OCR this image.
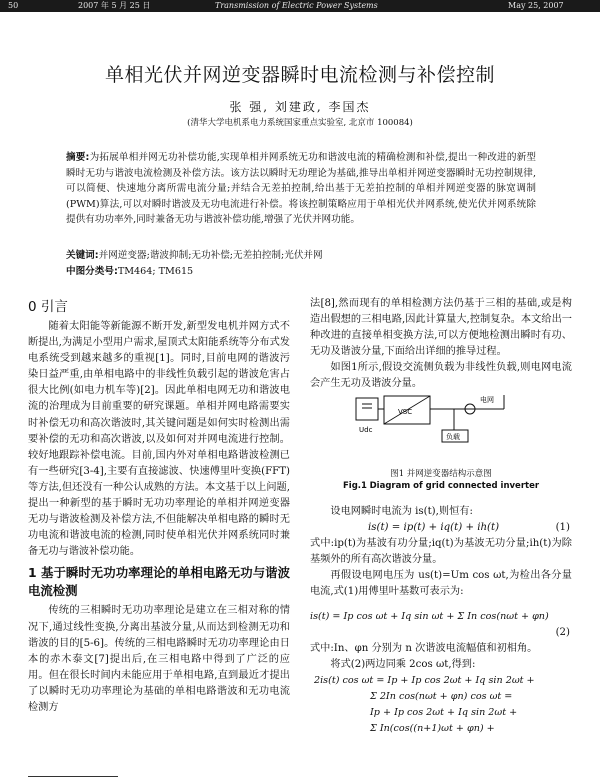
50	2007 年 5 月 25 日	Transmission of Electric Power Systems	May 25, 2007
单相光伏并网逆变器瞬时电流检测与补偿控制
张 强, 刘建政, 李国杰
(清华大学电机系电力系统国家重点实验室, 北京市 100084)
摘要:为拓展单相并网无功补偿功能,实现单相并网系统无功和谐波电流的精确检测和补偿,提出一种改进的新型瞬时无功与谐波电流检测及补偿方法。该方法以瞬时无功理论为基础,推导出单相并网逆变器瞬时无功控制规律,可以简便、快速地分离所需电流分量;并结合无差拍控制,给出基于无差拍控制的单相并网逆变器的脉宽调制(PWM)算法,可以对瞬时谐波及无功电流进行补偿。将该控制策略应用于单相光伏并网系统,使光伏并网系统除提供有功功率外,同时兼备无功与谐波补偿功能,增强了光伏并网功能。
关键词:并网逆变器;谐波抑制;无功补偿;无差拍控制;光伏并网
中图分类号:TM464; TM615
0 引言

随着太阳能等新能源不断开发,新型发电机并网方式不断提出,为满足小型用户需求,屋顶式太阳能系统等分布式发电系统受到越来越多的重视[1]。同时,目前电网的谐波污染日益严重,由单相电路中的非线性负载引起的谐波危害占很大比例(如电力机车等)[2]。因此单相电网无功和谐波电流的治理成为目前重要的研究课题。单相并网电路需要实时补偿无功和高次谐波时,其关键问题是如何实时检测出需要补偿的无功和高次谐波,以及如何对并网电流进行控制。较好地跟踪补偿电流。目前,国内外对单相电路谐波检测已有一些研究[3-4],主要有直接滤波、快速傅里叶变换(FFT)等方法,但还没有一种公认成熟的方法。本文基于以上问题,提出一种新型的基于瞬时无功功率理论的单相并网逆变器无功与谐波检测及补偿方法,不但能解决单相电路的瞬时无功电流和谐波电流的检测,同时使单相光伏并网系统同时兼备无功与谐波补偿功能。

1 基于瞬时无功功率理论的单相电路无功与谐波电流检测

传统的三相瞬时无功功率理论是建立在三相对称的情况下,通过线性变换,分离出基波分量,从而达到检测无功和谐波的目的[5-6]。传统的三相电路瞬时无功功率理论由日本的赤木泰文[7]提出后,在三相电路中得到了广泛的应用。但在很长时间内未能应用于单相电路,直到最近才提出了以瞬时无功功率理论为基础的单相电路谐波和无功电流检测方

法[8],然而现有的单相检测方法仍基于三相的基础,或是构造出假想的三相电路,因此计算量大,控制复杂。本文给出一种改进的直接单相变换方法,可以方便地检测出瞬时有功、无功及谐波分量,下面给出详细的推导过程。

如图1所示,假设交流侧负载为非线性负载,则电网电流会产生无功及谐波分量。

Udc
VSC
电网
负载
图1 并网逆变器结构示意图
Fig.1 Diagram of grid connected inverter

设电网瞬时电流为 is(t),则恒有:

is(t) = ip(t) + iq(t) + ih(t)	(1)

式中:ip(t)为基波有功分量;iq(t)为基波无功分量;ih(t)为除基频外的所有高次谐波分量。

再假设电网电压为 us(t)=Um cos ωt,为检出各分量电流,式(1)用傅里叶基数可表示为:

is(t) = Ip cos ωt + Iq sin ωt + Σ In cos(nωt + φn)
(2)

式中:In、φn 分别为 n 次谐波电流幅值和初相角。

将式(2)两边同乘 2cos ωt,得到:

2is(t) cos ωt = Ip + Ip cos 2ωt + Iq sin 2ωt +
Σ 2In cos(nωt + φn) cos ωt =
Ip + Ip cos 2ωt + Iq sin 2ωt +
Σ In(cos((n+1)ωt + φn) +
